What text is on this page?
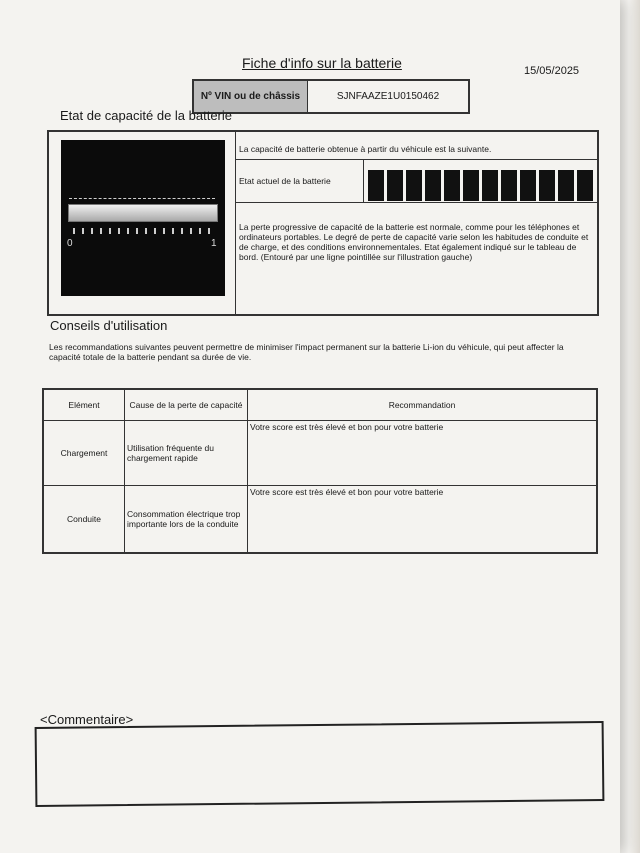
Fiche d'info sur la batterie	15/05/2025
Nº VIN ou de châssis	SJNFAAZE1U0150462
Etat de capacité de la batterie
0	1
La capacité de batterie obtenue à partir du véhicule est la suivante.
Etat actuel de la batterie
La perte progressive de capacité de la batterie est normale, comme pour les téléphones et ordinateurs portables. Le degré de perte de capacité varie selon les habitudes de conduite et de charge, et des conditions environnementales. Etat également indiqué sur le tableau de bord. (Entouré par une ligne pointillée sur l'illustration gauche)
Conseils d'utilisation
Les recommandations suivantes peuvent permettre de minimiser l'impact permanent sur la batterie Li-ion du véhicule, qui peut affecter la capacité totale de la batterie pendant sa durée de vie.
Elément	Cause de la perte de capacité	Recommandation
Chargement	Utilisation fréquente du chargement rapide	Votre score est très élevé et bon pour votre batterie
Conduite	Consommation électrique trop importante lors de la conduite	Votre score est très élevé et bon pour votre batterie
<Commentaire>
